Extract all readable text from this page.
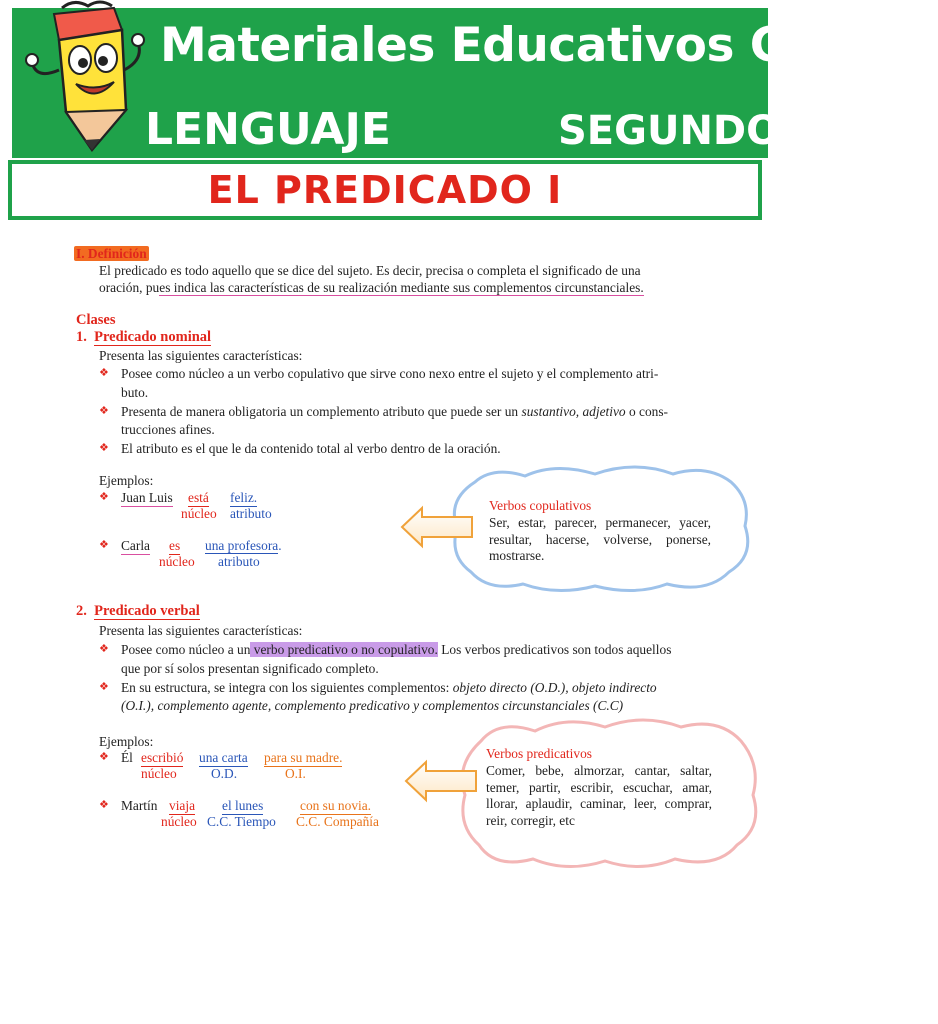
Materiales Educativos GRATIS
LENGUAJE	SEGUNDO
EL PREDICADO I
I. Definición
El predicado es todo aquello que se dice del sujeto. Es decir, precisa o completa el significado de una
oración, pues indica las características de su realización mediante sus complementos circunstanciales.
Clases
1. Predicado nominal
Presenta las siguientes características:
❖ Posee como núcleo a un verbo copulativo que sirve cono nexo entre el sujeto y el complemento atri-
buto.
❖ Presenta de manera obligatoria un complemento atributo que puede ser un sustantivo, adjetivo o cons-
trucciones afines.
❖ El atributo es el que le da contenido total al verbo dentro de la oración.
Ejemplos:
❖ Juan Luis está feliz.
núcleo atributo
❖ Carla es una profesora.
núcleo atributo
Verbos copulativos
Ser, estar, parecer, permanecer, yacer, resultar, hacerse, volverse, ponerse, mostrarse.
2. Predicado verbal
Presenta las siguientes características:
❖ Posee como núcleo a un verbo predicativo o no copulativo. Los verbos predicativos son todos aquellos
que por sí solos presentan significado completo.
❖ En su estructura, se integra con los siguientes complementos: objeto directo (O.D.), objeto indirecto
(O.I.), complemento agente, complemento predicativo y complementos circunstanciales (C.C)
Ejemplos:
❖ Él escribió una carta para su madre.
núcleo	O.D.	O.I.
❖ Martín viaja el lunes	con su novia.
núcleo C.C. Tiempo C.C. Compañía
Verbos predicativos
Comer, bebe, almorzar, cantar, saltar, temer, partir, escribir, escuchar, amar, llorar, aplaudir, caminar, leer, comprar, reir, corregir, etc
